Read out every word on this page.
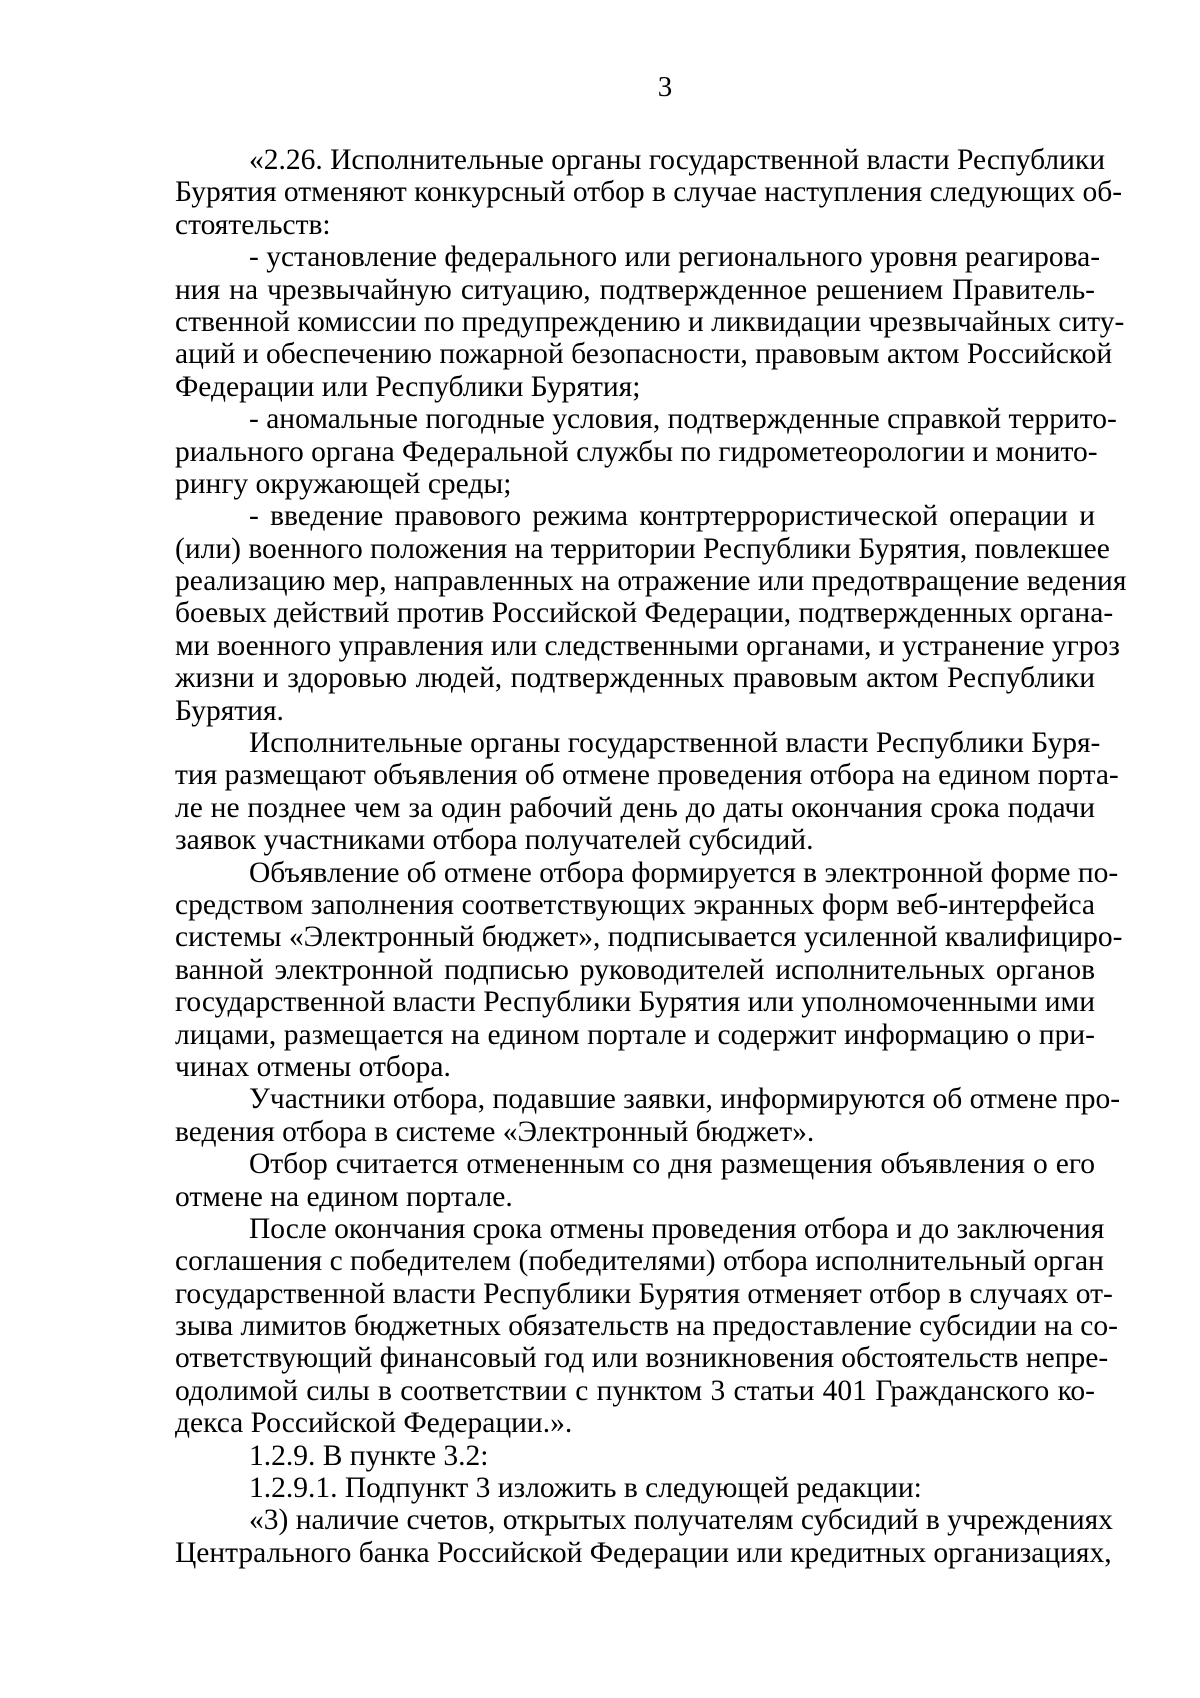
3
«2.26. Исполнительные органы государственной власти Республики
Бурятия отменяют конкурсный отбор в случае наступления следующих об-
стоятельств:
- установление федерального или регионального уровня реагирова-
ния на чрезвычайную ситуацию, подтвержденное решением Правитель-
ственной комиссии по предупреждению и ликвидации чрезвычайных ситу-
аций и обеспечению пожарной безопасности, правовым актом Российской
Федерации или Республики Бурятия;
- аномальные погодные условия, подтвержденные справкой террито-
риального органа Федеральной службы по гидрометеорологии и монито-
рингу окружающей среды;
- введение правового режима контртеррористической операции и
(или) военного положения на территории Республики Бурятия, повлекшее
реализацию мер, направленных на отражение или предотвращение ведения
боевых действий против Российской Федерации, подтвержденных органа-
ми военного управления или следственными органами, и устранение угроз
жизни и здоровью людей, подтвержденных правовым актом Республики
Бурятия.
Исполнительные органы государственной власти Республики Буря-
тия размещают объявления об отмене проведения отбора на едином порта-
ле не позднее чем за один рабочий день до даты окончания срока подачи
заявок участниками отбора получателей субсидий.
Объявление об отмене отбора формируется в электронной форме по-
средством заполнения соответствующих экранных форм веб-интерфейса
системы «Электронный бюджет», подписывается усиленной квалифициро-
ванной электронной подписью руководителей исполнительных органов
государственной власти Республики Бурятия или уполномоченными ими
лицами, размещается на едином портале и содержит информацию о при-
чинах отмены отбора.
Участники отбора, подавшие заявки, информируются об отмене про-
ведения отбора в системе «Электронный бюджет».
Отбор считается отмененным со дня размещения объявления о его
отмене на едином портале.
После окончания срока отмены проведения отбора и до заключения
соглашения с победителем (победителями) отбора исполнительный орган
государственной власти Республики Бурятия отменяет отбор в случаях от-
зыва лимитов бюджетных обязательств на предоставление субсидии на со-
ответствующий финансовый год или возникновения обстоятельств непре-
одолимой силы в соответствии с пунктом 3 статьи 401 Гражданского ко-
декса Российской Федерации.».
1.2.9. В пункте 3.2:
1.2.9.1. Подпункт 3 изложить в следующей редакции:
«3) наличие счетов, открытых получателям субсидий в учреждениях
Центрального банка Российской Федерации или кредитных организациях,
